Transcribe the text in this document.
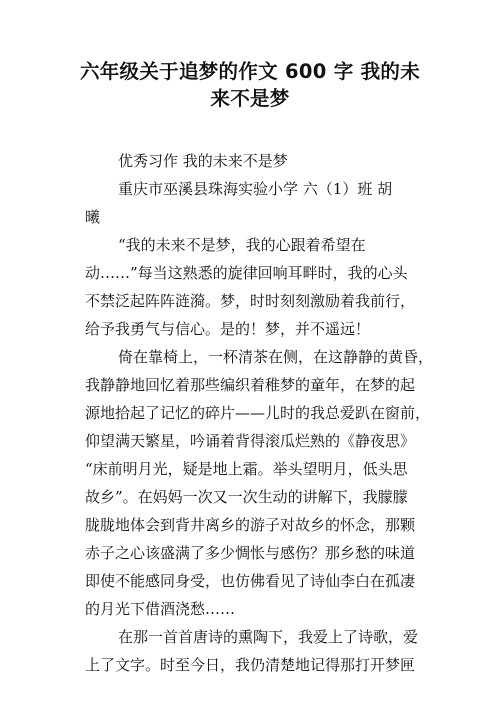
六年级关于追梦的作文 600 字 我的未
来不是梦
优秀习作 我的未来不是梦
重庆市巫溪县珠海实验小学 六（1）班 胡
曦
“我的未来不是梦，我的心跟着希望在
动……”每当这熟悉的旋律回响耳畔时，我的心头
不禁泛起阵阵涟漪。梦，时时刻刻激励着我前行，
给予我勇气与信心。是的！梦，并不遥远！
倚在靠椅上，一杯清茶在侧，在这静静的黄昏，
我静静地回忆着那些编织着稚梦的童年，在梦的起
源地拾起了记忆的碎片——儿时的我总爱趴在窗前，
仰望满天繁星，吟诵着背得滚瓜烂熟的《静夜思》
“床前明月光，疑是地上霜。举头望明月，低头思
故乡”。在妈妈一次又一次生动的讲解下，我朦朦
胧胧地体会到背井离乡的游子对故乡的怀念，那颗
赤子之心该盛满了多少惆怅与感伤？那乡愁的味道
即使不能感同身受，也仿佛看见了诗仙李白在孤凄
的月光下借酒浇愁……
在那一首首唐诗的熏陶下，我爱上了诗歌，爱
上了文字。时至今日，我仍清楚地记得那打开梦匣
